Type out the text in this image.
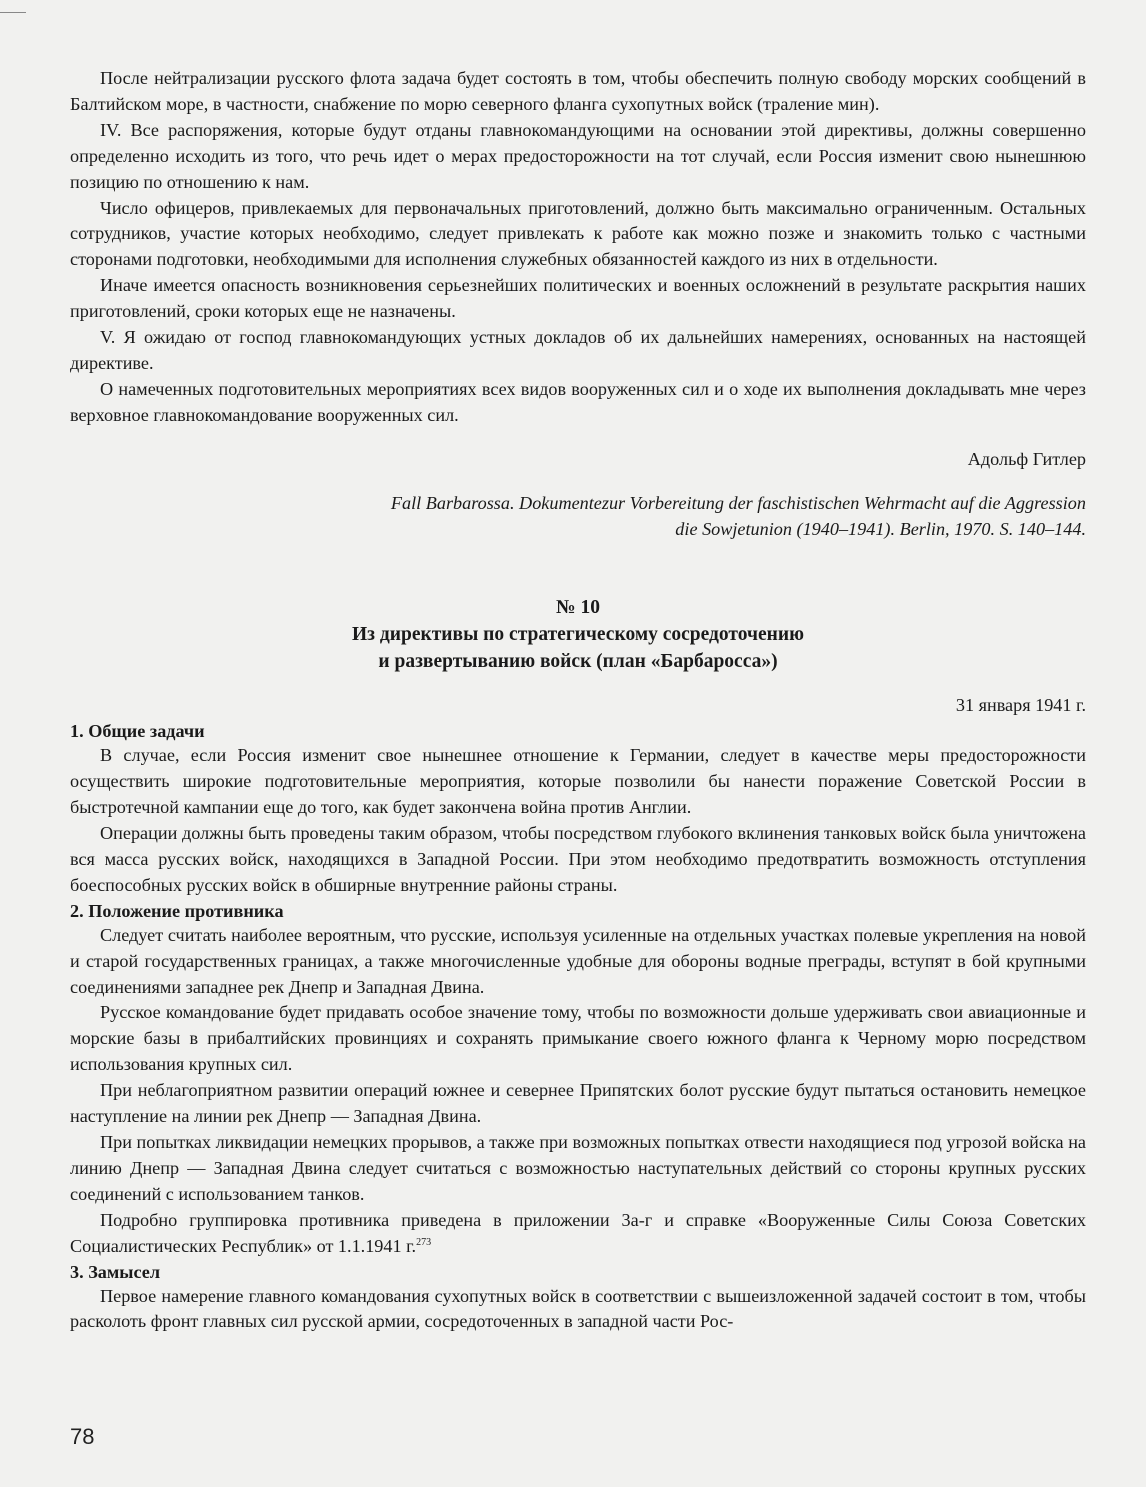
После нейтрализации русского флота задача будет состоять в том, чтобы обеспечить полную свободу морских сообщений в Балтийском море, в частности, снабжение по морю северного фланга сухопутных войск (траление мин).

IV. Все распоряжения, которые будут отданы главнокомандующими на основании этой директивы, должны совершенно определенно исходить из того, что речь идет о мерах предосторожности на тот случай, если Россия изменит свою нынешнюю позицию по отношению к нам.

Число офицеров, привлекаемых для первоначальных приготовлений, должно быть максимально ограниченным. Остальных сотрудников, участие которых необходимо, следует привлекать к работе как можно позже и знакомить только с частными сторонами подготовки, необходимыми для исполнения служебных обязанностей каждого из них в отдельности.

Иначе имеется опасность возникновения серьезнейших политических и военных осложнений в результате раскрытия наших приготовлений, сроки которых еще не назначены.

V. Я ожидаю от господ главнокомандующих устных докладов об их дальнейших намерениях, основанных на настоящей директиве.

О намеченных подготовительных мероприятиях всех видов вооруженных сил и о ходе их выполнения докладывать мне через верховное главнокомандование вооруженных сил.

Адольф Гитлер
Fall Barbarossa. Dokumentezur Vorbereitung der faschistischen Wehrmacht auf die Aggression
die Sowjetunion (1940–1941). Berlin, 1970. S. 140–144.
№ 10
Из директивы по стратегическому сосредоточению
и развертыванию войск (план «Барбаросса»)
31 января 1941 г.
1. Общие задачи

В случае, если Россия изменит свое нынешнее отношение к Германии, следует в качестве меры предосторожности осуществить широкие подготовительные мероприятия, которые позволили бы нанести поражение Советской России в быстротечной кампании еще до того, как будет закончена война против Англии.

Операции должны быть проведены таким образом, чтобы посредством глубокого вклинения танковых войск была уничтожена вся масса русских войск, находящихся в Западной России. При этом необходимо предотвратить возможность отступления боеспособных русских войск в обширные внутренние районы страны.

2. Положение противника

Следует считать наиболее вероятным, что русские, используя усиленные на отдельных участках полевые укрепления на новой и старой государственных границах, а также многочисленные удобные для обороны водные преграды, вступят в бой крупными соединениями западнее рек Днепр и Западная Двина.

Русское командование будет придавать особое значение тому, чтобы по возможности дольше удерживать свои авиационные и морские базы в прибалтийских провинциях и сохранять примыкание своего южного фланга к Черному морю посредством использования крупных сил.

При неблагоприятном развитии операций южнее и севернее Припятских болот русские будут пытаться остановить немецкое наступление на линии рек Днепр — Западная Двина.

При попытках ликвидации немецких прорывов, а также при возможных попытках отвести находящиеся под угрозой войска на линию Днепр — Западная Двина следует считаться с возможностью наступательных действий со стороны крупных русских соединений с использованием танков.

Подробно группировка противника приведена в приложении 3а-г и справке «Вооруженные Силы Союза Советских Социалистических Республик» от 1.1.1941 г.$^{273}$

3. Замысел

Первое намерение главного командования сухопутных войск в соответствии с вышеизложенной задачей состоит в том, чтобы расколоть фронт главных сил русской армии, сосредоточенных в западной части Рос-

78
